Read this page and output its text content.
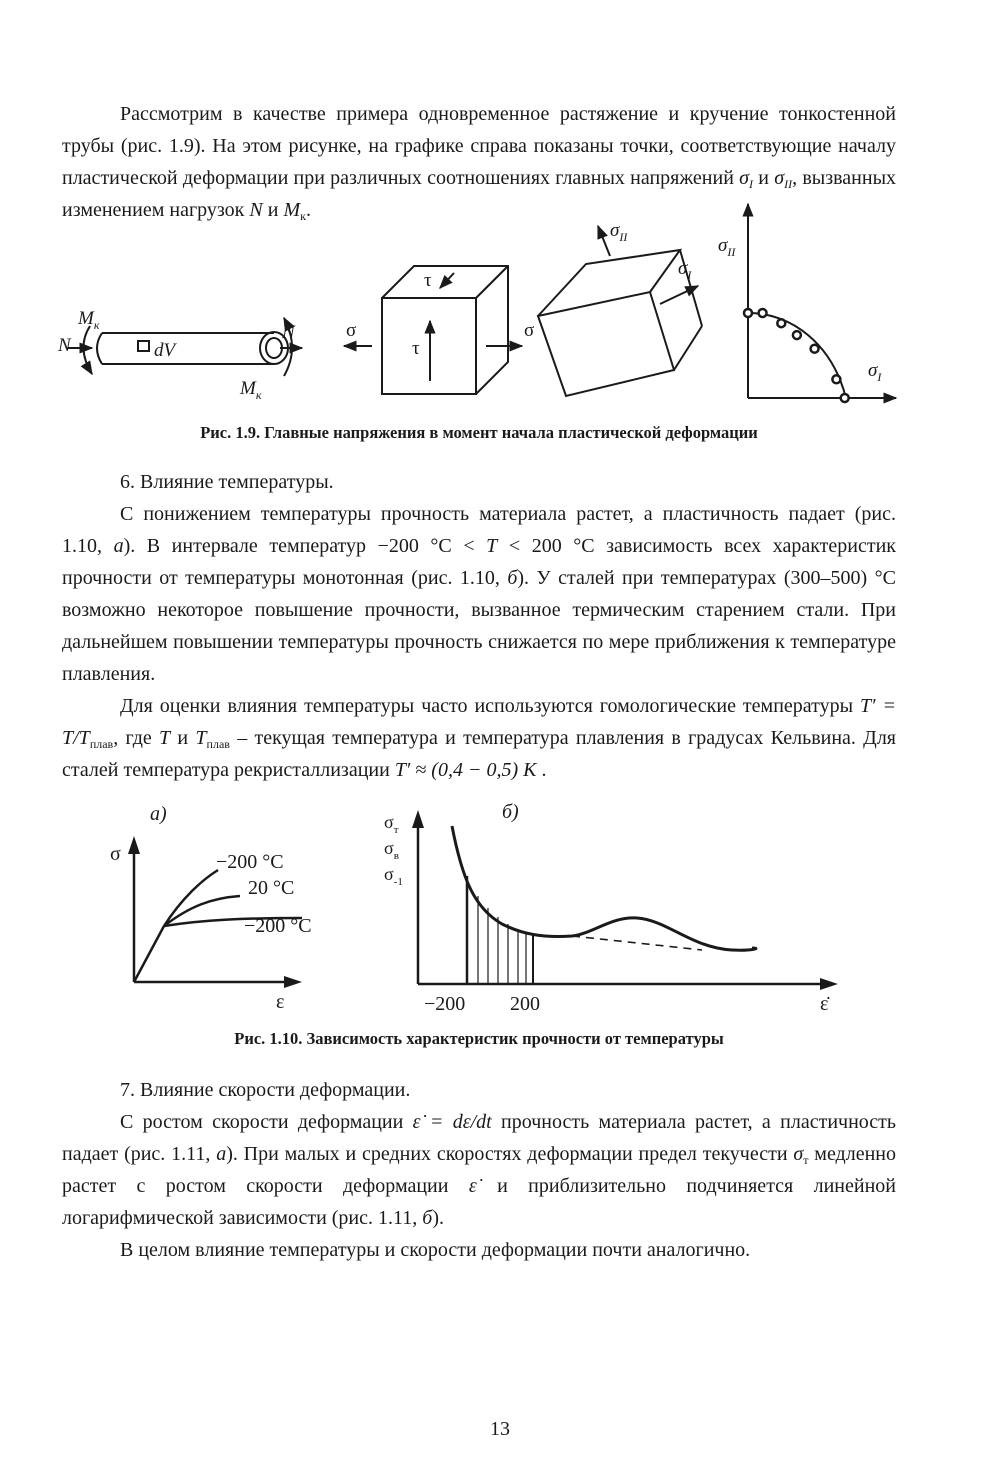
Рассмотрим в качестве примера одновременное растяжение и кручение тонкостенной трубы (рис. 1.9). На этом рисунке, на графике справа показаны точки, соответствующие началу пластической деформации при различных соотношениях главных напряжений $\sigma_I$ и $\sigma_{II}$, вызванных изменением нагрузок N и $M_к$.

$M_к$
N
N
dV
$M_к$
σ
τ
τ
σ
$\sigma_{II}$
$\sigma_I$
$\sigma_{II}$
$\sigma_I$

Рис. 1.9. Главные напряжения в момент начала пластической деформации

6. Влияние температуры.

С понижением температуры прочность материала растет, а пластичность падает (рис. 1.10, а). В интервале температур −200 °С < T < 200 °С зависимость всех характеристик прочности от температуры монотонная (рис. 1.10, б). У сталей при температурах (300–500) °С возможно некоторое повышение прочности, вызванное термическим старением стали. При дальнейшем повышении температуры прочность снижается по мере приближения к температуре плавления.

Для оценки влияния температуры часто используются гомологические температуры $T' = T/T_{плав}$, где T и $T_{плав}$ – текущая температура и температура плавления в градусах Кельвина. Для сталей температура рекристаллизации T′ ≈ (0,4 − 0,5) K .

а)
σ
ε
−200 °С
20 °С
−200 °С
б)
$\sigma_т$
$\sigma_в$
$\sigma_{-1}$
−200 200	ε̇

Рис. 1.10. Зависимость характеристик прочности от температуры

7. Влияние скорости деформации.

С ростом скорости деформации ε̇ = dε/dt прочность материала растет, а пластичность падает (рис. 1.11, а). При малых и средних скоростях деформации предел текучести $\sigma_т$ медленно растет с ростом скорости деформации ε̇ и приблизительно подчиняется линейной логарифмической зависимости (рис. 1.11, б).

В целом влияние температуры и скорости деформации почти аналогично.

13
